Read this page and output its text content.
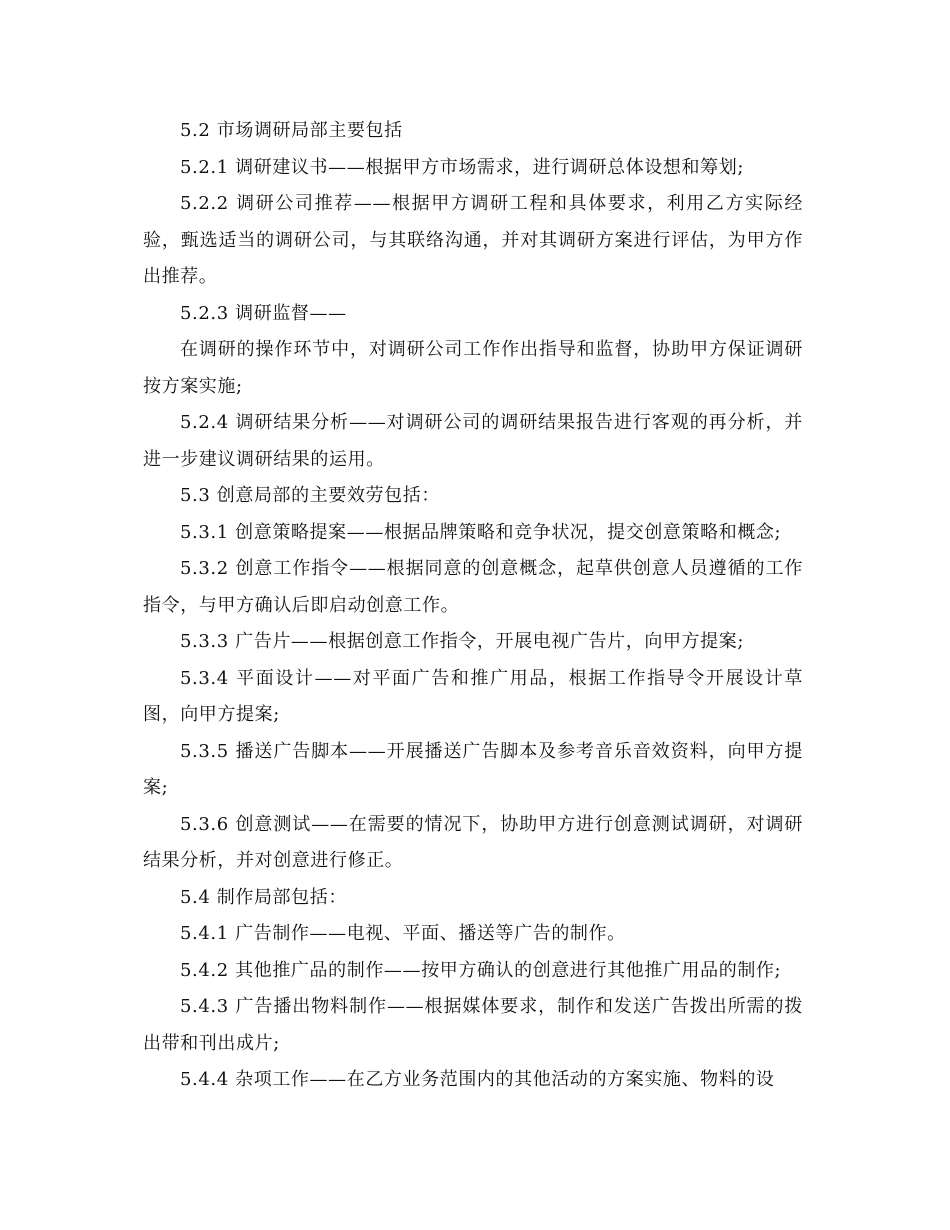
5.2 市场调研局部主要包括

5.2.1 调研建议书——根据甲方市场需求，进行调研总体设想和筹划;

5.2.2 调研公司推荐——根据甲方调研工程和具体要求，利用乙方实际经验，甄选适当的调研公司，与其联络沟通，并对其调研方案进行评估，为甲方作出推荐。

5.2.3 调研监督——

在调研的操作环节中，对调研公司工作作出指导和监督，协助甲方保证调研按方案实施;

5.2.4 调研结果分析——对调研公司的调研结果报告进行客观的再分析，并进一步建议调研结果的运用。

5.3 创意局部的主要效劳包括：

5.3.1 创意策略提案——根据品牌策略和竞争状况，提交创意策略和概念;

5.3.2 创意工作指令——根据同意的创意概念，起草供创意人员遵循的工作指令，与甲方确认后即启动创意工作。

5.3.3 广告片——根据创意工作指令，开展电视广告片，向甲方提案;

5.3.4 平面设计——对平面广告和推广用品，根据工作指导令开展设计草图，向甲方提案;

5.3.5 播送广告脚本——开展播送广告脚本及参考音乐音效资料，向甲方提案;

5.3.6 创意测试——在需要的情况下，协助甲方进行创意测试调研，对调研结果分析，并对创意进行修正。

5.4 制作局部包括：

5.4.1 广告制作——电视、平面、播送等广告的制作。

5.4.2 其他推广品的制作——按甲方确认的创意进行其他推广用品的制作;

5.4.3 广告播出物料制作——根据媒体要求，制作和发送广告拨出所需的拨出带和刊出成片;

5.4.4 杂项工作——在乙方业务范围内的其他活动的方案实施、物料的设
